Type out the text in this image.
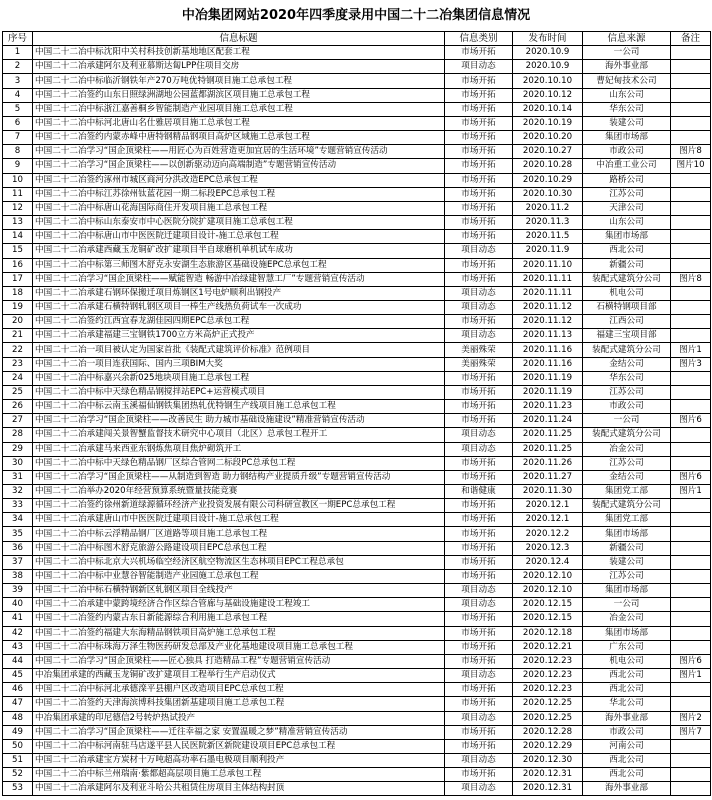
中冶集团网站2020年四季度录用中国二十二冶集团信息情况
序号	信息标题	信息类别	发布时间	信息来源	备注
1	中国二十二冶中标沈阳中关村科技创新基地地区配套工程	市场开拓	2020.10.9	一公司	
2	中国二十二冶承建阿尔及利亚慕斯达匐LPP住项目交房	项目动态	2020.10.9	海外事业部	
3	中国二十二冶中标临沂钢铁年产270万吨优特钢项目施工总承包工程	市场开拓	2020.10.10	曹妃甸技术公司	
4	中国二十二冶签约山东日照绿洲湖地公园蓝都湖滨区项目施工总承包工程	市场开拓	2020.10.12	山东公司	
5	中国二十二冶中标浙江嘉善桐乡智能制造产业园项目施工总承包工程	市场开拓	2020.10.14	华东公司	
6	中国二十二冶中标河北唐山名仕雅居项目施工总承包工程	市场开拓	2020.10.19	装建公司	
7	中国二十二冶签约内蒙赤峰中唐特钢精品钢项目高炉区域施工总承包工程	市场开拓	2020.10.20	集团市场部	
8	中国二十二冶学习“国企顶梁柱——用匠心为百姓营造更加宜居的生活环境”专题营销宣传活动	市场开拓	2020.10.27	市政公司	图片8
9	中国二十二冶学习“国企顶梁柱——以创新驱动迈向高端制造”专题营销宣传活动	市场开拓	2020.10.28	中冶重工业公司	图片10
10	中国二十二冶签约涿州市城区商河分洪改造EPC总承包工程	市场开拓	2020.10.29	路桥公司	
11	中国二十二冶中标江苏徐州钛蓝花园一期二标段EPC总承包工程	市场开拓	2020.10.30	江苏公司	
12	中国二十二冶中标唐山花海国际商住开发项目施工总承包工程	市场开拓	2020.11.2	天津公司	
13	中国二十二冶中标山东泰安市中心医院分院扩建项目施工总承包工程	市场开拓	2020.11.3	山东公司	
14	中国二十二冶中标唐山市中医医院迁建项目设计-施工总承包工程	市场开拓	2020.11.5	集团市场部	
15	中国二十二冶承建西藏玉龙铜矿改扩建项目半自球磨机单机试车成功	项目动态	2020.11.9	西北公司	
16	中国二十二冶中标第三师图木舒克永安湖生态旅游区基础设施EPC总承包工程	市场开拓	2020.11.10	新疆公司	
17	中国二十二冶学习“国企顶梁柱——赋能智造 畅游中冶绿建智慧工厂”专题营销宣传活动	市场开拓	2020.11.11	装配式建筑分公司	图片8
18	中国二十二冶承建石钢环保搬迁项目炼钢区1号电炉顺利出钢投产	项目动态	2020.11.11	机电公司	
19	中国二十二冶承建石横特钢轧钢区项目一棒生产线热负荷试车一次成功	项目动态	2020.11.12	石横特钢项目部	
20	中国二十二冶签约江西宜春龙湖佳园四期EPC总承包工程	市场开拓	2020.11.12	江西公司	
21	中国二十二冶承建福建三宝钢铁1700立方米高炉正式投产	项目动态	2020.11.13	福建三宝项目部	
22	中国二十二冶一项目被认定为国家首批《装配式建筑评价标准》范例项目	美丽殊荣	2020.11.16	装配式建筑分公司	图片1
23	中国二十二冶一项目连获国际、国内三项BIM大奖	美丽殊荣	2020.11.16	金结公司	图片3
24	中国二十二冶中标嘉兴余新025地块项目施工总承包工程	市场开拓	2020.11.19	华东公司	
25	中国二十二冶中标中天绿色精品钢搅拌站EPC+运营模式项目	市场开拓	2020.11.19	江苏公司	
26	中国二十二冶中标云南玉溪福仙钢铁集团热轧优特钢生产线项目施工总承包工程	市场开拓	2020.11.23	市政公司	
27	中国二十二冶学习“国企顶梁柱——改善民生 助力城市基础设施建设”精准营销宣传活动	市场开拓	2020.11.24	一公司	图片6
28	中国二十二冶承建闯关景智蟹监督技术研究中心项目（北区）总承包工程开工	项目动态	2020.11.25	装配式建筑分公司	
29	中国二十二冶承建马来西亚东钢炼焦项目焦炉砌筑开工	项目动态	2020.11.25	冶金公司	
30	中国二十二冶中标中天绿色精品钢厂区综合管网二标段PC总承包工程	市场开拓	2020.11.26	江苏公司	
31	中国二十二冶学习“国企顶梁柱——从制造到智造 助力钢结构产业提质升级”专题营销宣传活动	市场开拓	2020.11.27	金结公司	图片6
32	中国二十二冶举办2020年经营预算系统暨量技能竞赛	和谐健康	2020.11.30	集团党工部	图片1
33	中国二十二冶签约徐州新道绿源循环经济产业投资发展有限公司科研宣教区一期EPC总承包工程	市场开拓	2020.12.1	装配式建筑分公司	
34	中国二十二冶承建唐山市中医医院迁建项目设计-施工总承包工程	市场开拓	2020.12.1	集团党工部	
35	中国二十二冶中标云浮精品钢厂区道路等项目施工总承包工程	市场开拓	2020.12.2	集团市场部	
36	中国二十二冶中标图木舒克旅游公路建设项目EPC总承包工程	市场开拓	2020.12.3	新疆公司	
37	中国二十二冶中标北京大兴机场临空经济区航空物流区生态林项目EPC工程总承包	市场开拓	2020.12.4	装建公司	
38	中国二十二冶中标中业慧谷智能制造产业园施工总承包工程	市场开拓	2020.12.10	江苏公司	
39	中国二十二冶中标石横特钢新区轧钢区项目全线投产	项目动态	2020.12.10	集团市场部	
40	中国二十二冶承建中蒙跨境经济合作区综合管廊与基础设施建设工程竣工	项目动态	2020.12.15	一公司	
41	中国二十二冶签约内蒙古东日新能源综合利用施工总承包工程	市场开拓	2020.12.15	冶金公司	
42	中国二十二冶签约福建大东海精品钢铁项目高炉施工总承包工程	市场开拓	2020.12.18	集团市场部	
43	中国二十二冶中标珠海万泽生物医药研发总部及产业化基地建设项目施工总承包工程	市场开拓	2020.12.21	广东公司	
44	中国二十二冶学习“国企顶梁柱——匠心独具 打造精品工程”专题营销宣传活动	市场开拓	2020.12.23	机电公司	图片6
45	中冶集团承建的西藏玉龙铜矿改扩建项目工程举行生产启动仪式	项目动态	2020.12.23	西北公司	图片1
46	中国二十二冶中标河北承德滦平县棚户区改造项目EPC总承包工程	市场开拓	2020.12.23	西北公司	
47	中国二十二冶签约天津海滨博科技集团新基建项目施工总承包工程	市场开拓	2020.12.25	华北公司	
48	中冶集团承建的印尼德信2号转炉热试投产	项目动态	2020.12.25	海外事业部	图片2
49	中国二十二冶学习“国企顶梁柱——迁往幸福之家 安置温暖之梦”精准营销宣传活动	市场开拓	2020.12.28	市政公司	图片7
50	中国二十二冶中标河南驻马店遂平县人民医院新区新院建设项目EPC总承包工程	市场开拓	2020.12.29	河南公司	
51	中国二十二冶承建宝方炭材十万吨超高功率石墨电极项目顺利投产	项目动态	2020.12.30	西北公司	
52	中国二十二冶中标兰州瑞南·紫都超高层项目施工总承包工程	市场开拓	2020.12.31	西北公司	
53	中国二十二冶承建阿尔及利亚斗哈公共租赁住房项目主体结构封顶	项目动态	2020.12.31	海外事业部	
